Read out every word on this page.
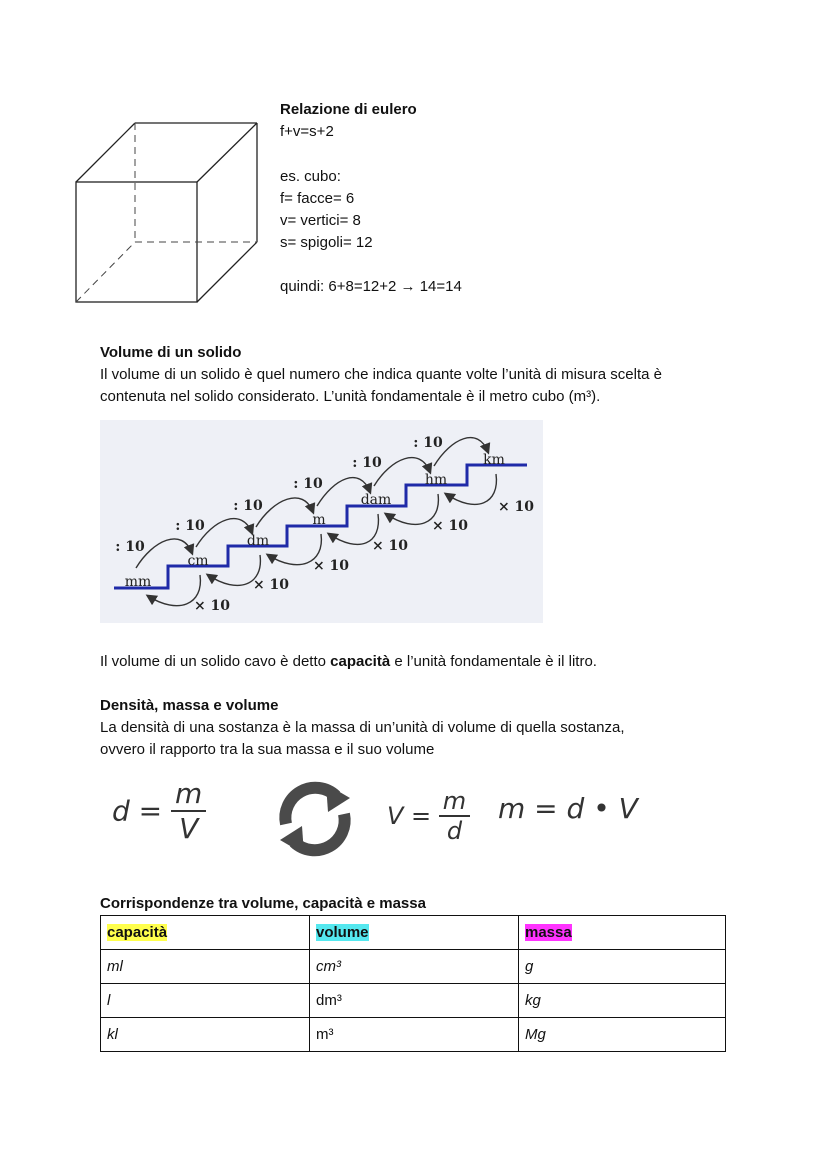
Relazione di eulero
f+v=s+2
es. cubo:
f= facce= 6
v= vertici= 8
s= spigoli= 12
quindi: 6+8=12+2 → 14=14
Volume di un solido
Il volume di un solido è quel numero che indica quante volte l’unità di misura scelta è
contenuta nel solido considerato. L’unità fondamentale è il metro cubo (m³).
mm
cm
dm
m
dam
hm
km
: 10
× 10
: 10
× 10
: 10
× 10
: 10
× 10
: 10
× 10
: 10
× 10
Il volume di un solido cavo è detto capacità e l’unità fondamentale è il litro.
Densità, massa e volume
La densità di una sostanza è la massa di un’unità di volume di quella sostanza,
ovvero il rapporto tra la sua massa e il suo volume
$d = \frac{m}{V}$	$V = \frac{m}{d}$ m = d • V
Corrispondenze tra volume, capacità e massa
capacità	volume	massa
ml	cm³	g
l	dm³	kg
kl	m³	Mg
